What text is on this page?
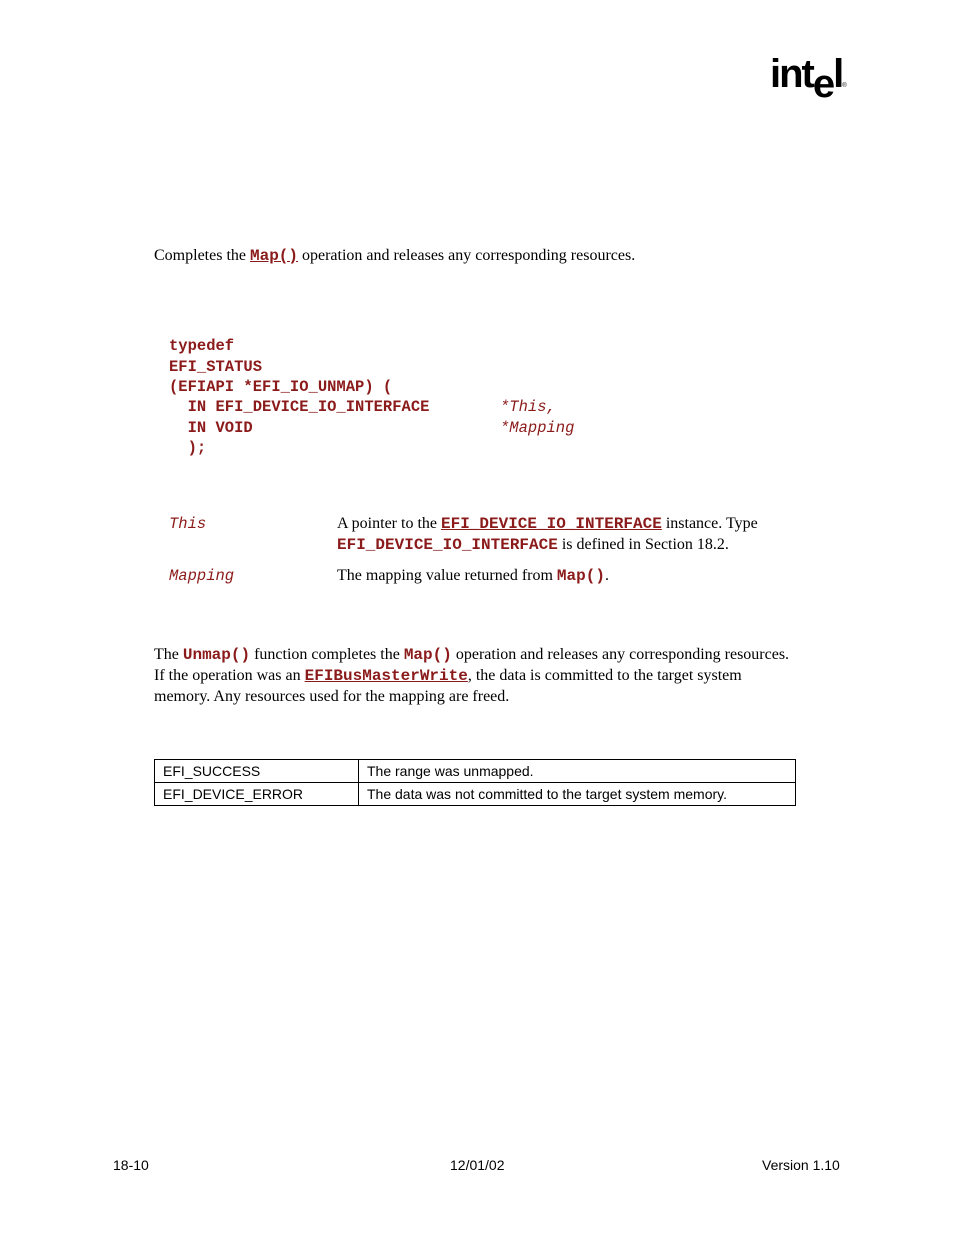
intel®
Completes the Map() operation and releases any corresponding resources.
typedef
EFI_STATUS
(EFIAPI *EFI_IO_UNMAP) (
IN EFI_DEVICE_IO_INTERFACE	*This,
IN VOID	*Mapping
);
This	A pointer to the EFI_DEVICE_IO_INTERFACE instance. Type
EFI_DEVICE_IO_INTERFACE is defined in Section 18.2.
Mapping	The mapping value returned from Map().
The Unmap() function completes the Map() operation and releases any corresponding resources.
If the operation was an EFIBusMasterWrite, the data is committed to the target system
memory. Any resources used for the mapping are freed.
EFI_SUCCESS	The range was unmapped.
EFI_DEVICE_ERROR	The data was not committed to the target system memory.
18-10	12/01/02	Version 1.10
